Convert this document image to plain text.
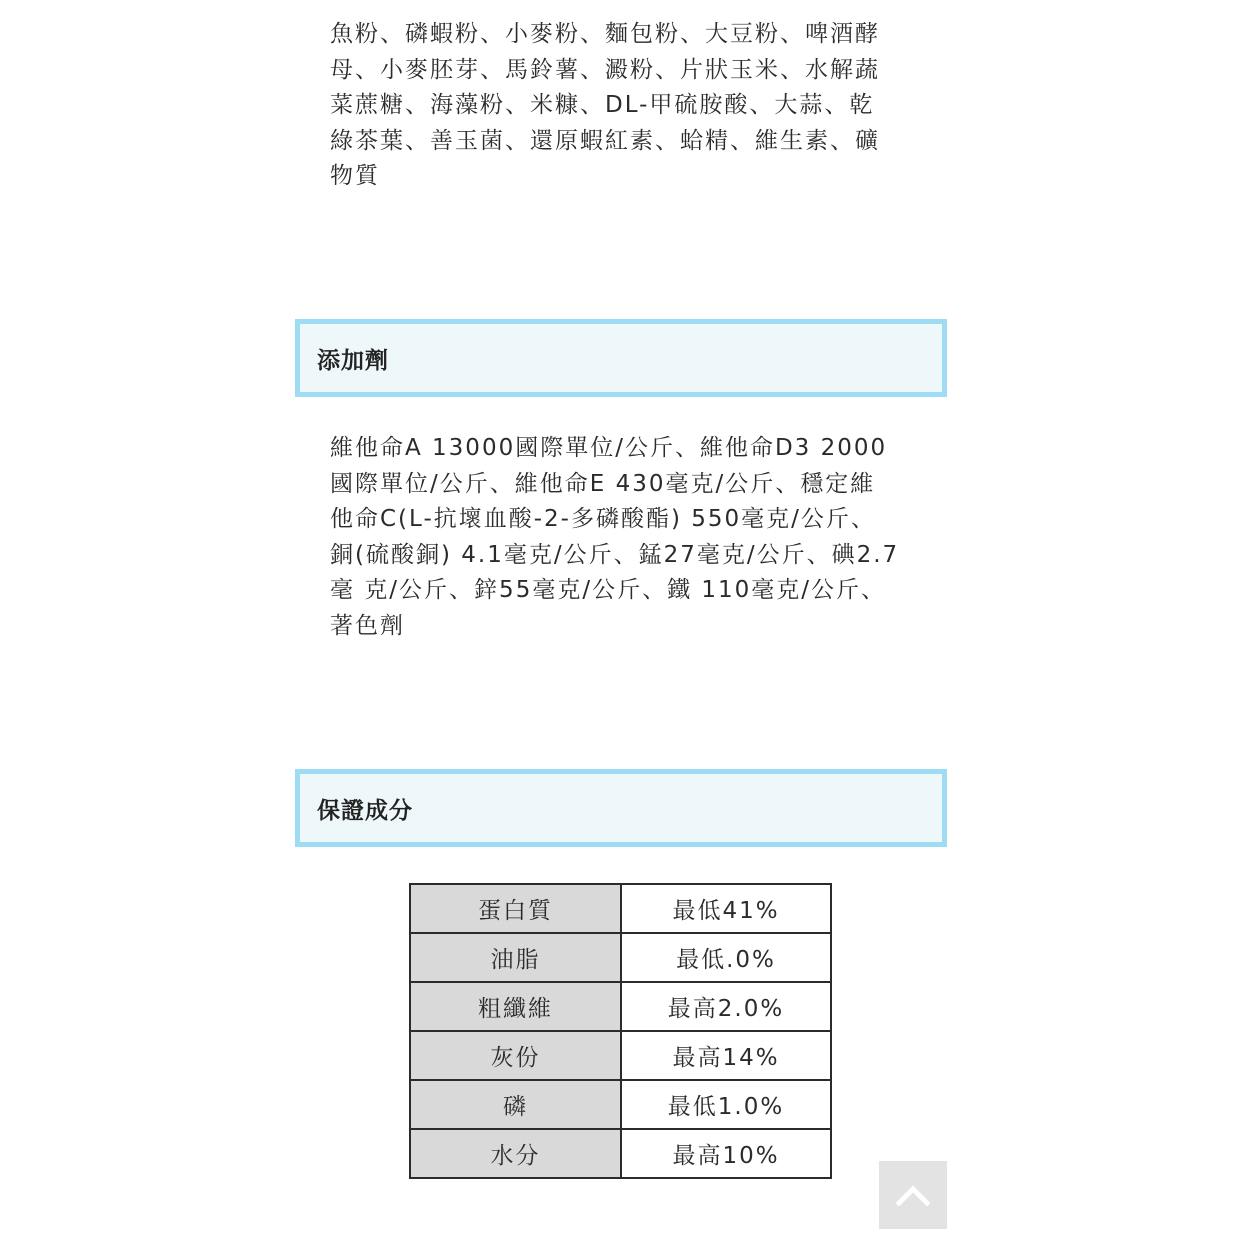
魚粉、磷蝦粉、小麥粉、麵包粉、大豆粉、啤酒酵
母、小麥胚芽、馬鈴薯、澱粉、片狀玉米、水解蔬
菜蔗糖、海藻粉、米糠、DL-甲硫胺酸、大蒜、乾
綠茶葉、善玉菌、還原蝦紅素、蛤精、維生素、礦
物質

添加劑

維他命A 13000國際單位/公斤、維他命D3 2000
國際單位/公斤、維他命E 430毫克/公斤、穩定維
他命C(L-抗壞血酸-2-多磷酸酯) 550毫克/公斤、
銅(硫酸銅) 4.1毫克/公斤、錳27毫克/公斤、碘2.7
毫 克/公斤、鋅55毫克/公斤、鐵 110毫克/公斤、
著色劑

保證成分
蛋白質	最低41%
油脂	最低.0%
粗纖維	最高2.0%
灰份	最高14%
磷	最低1.0%
水分	最高10%
